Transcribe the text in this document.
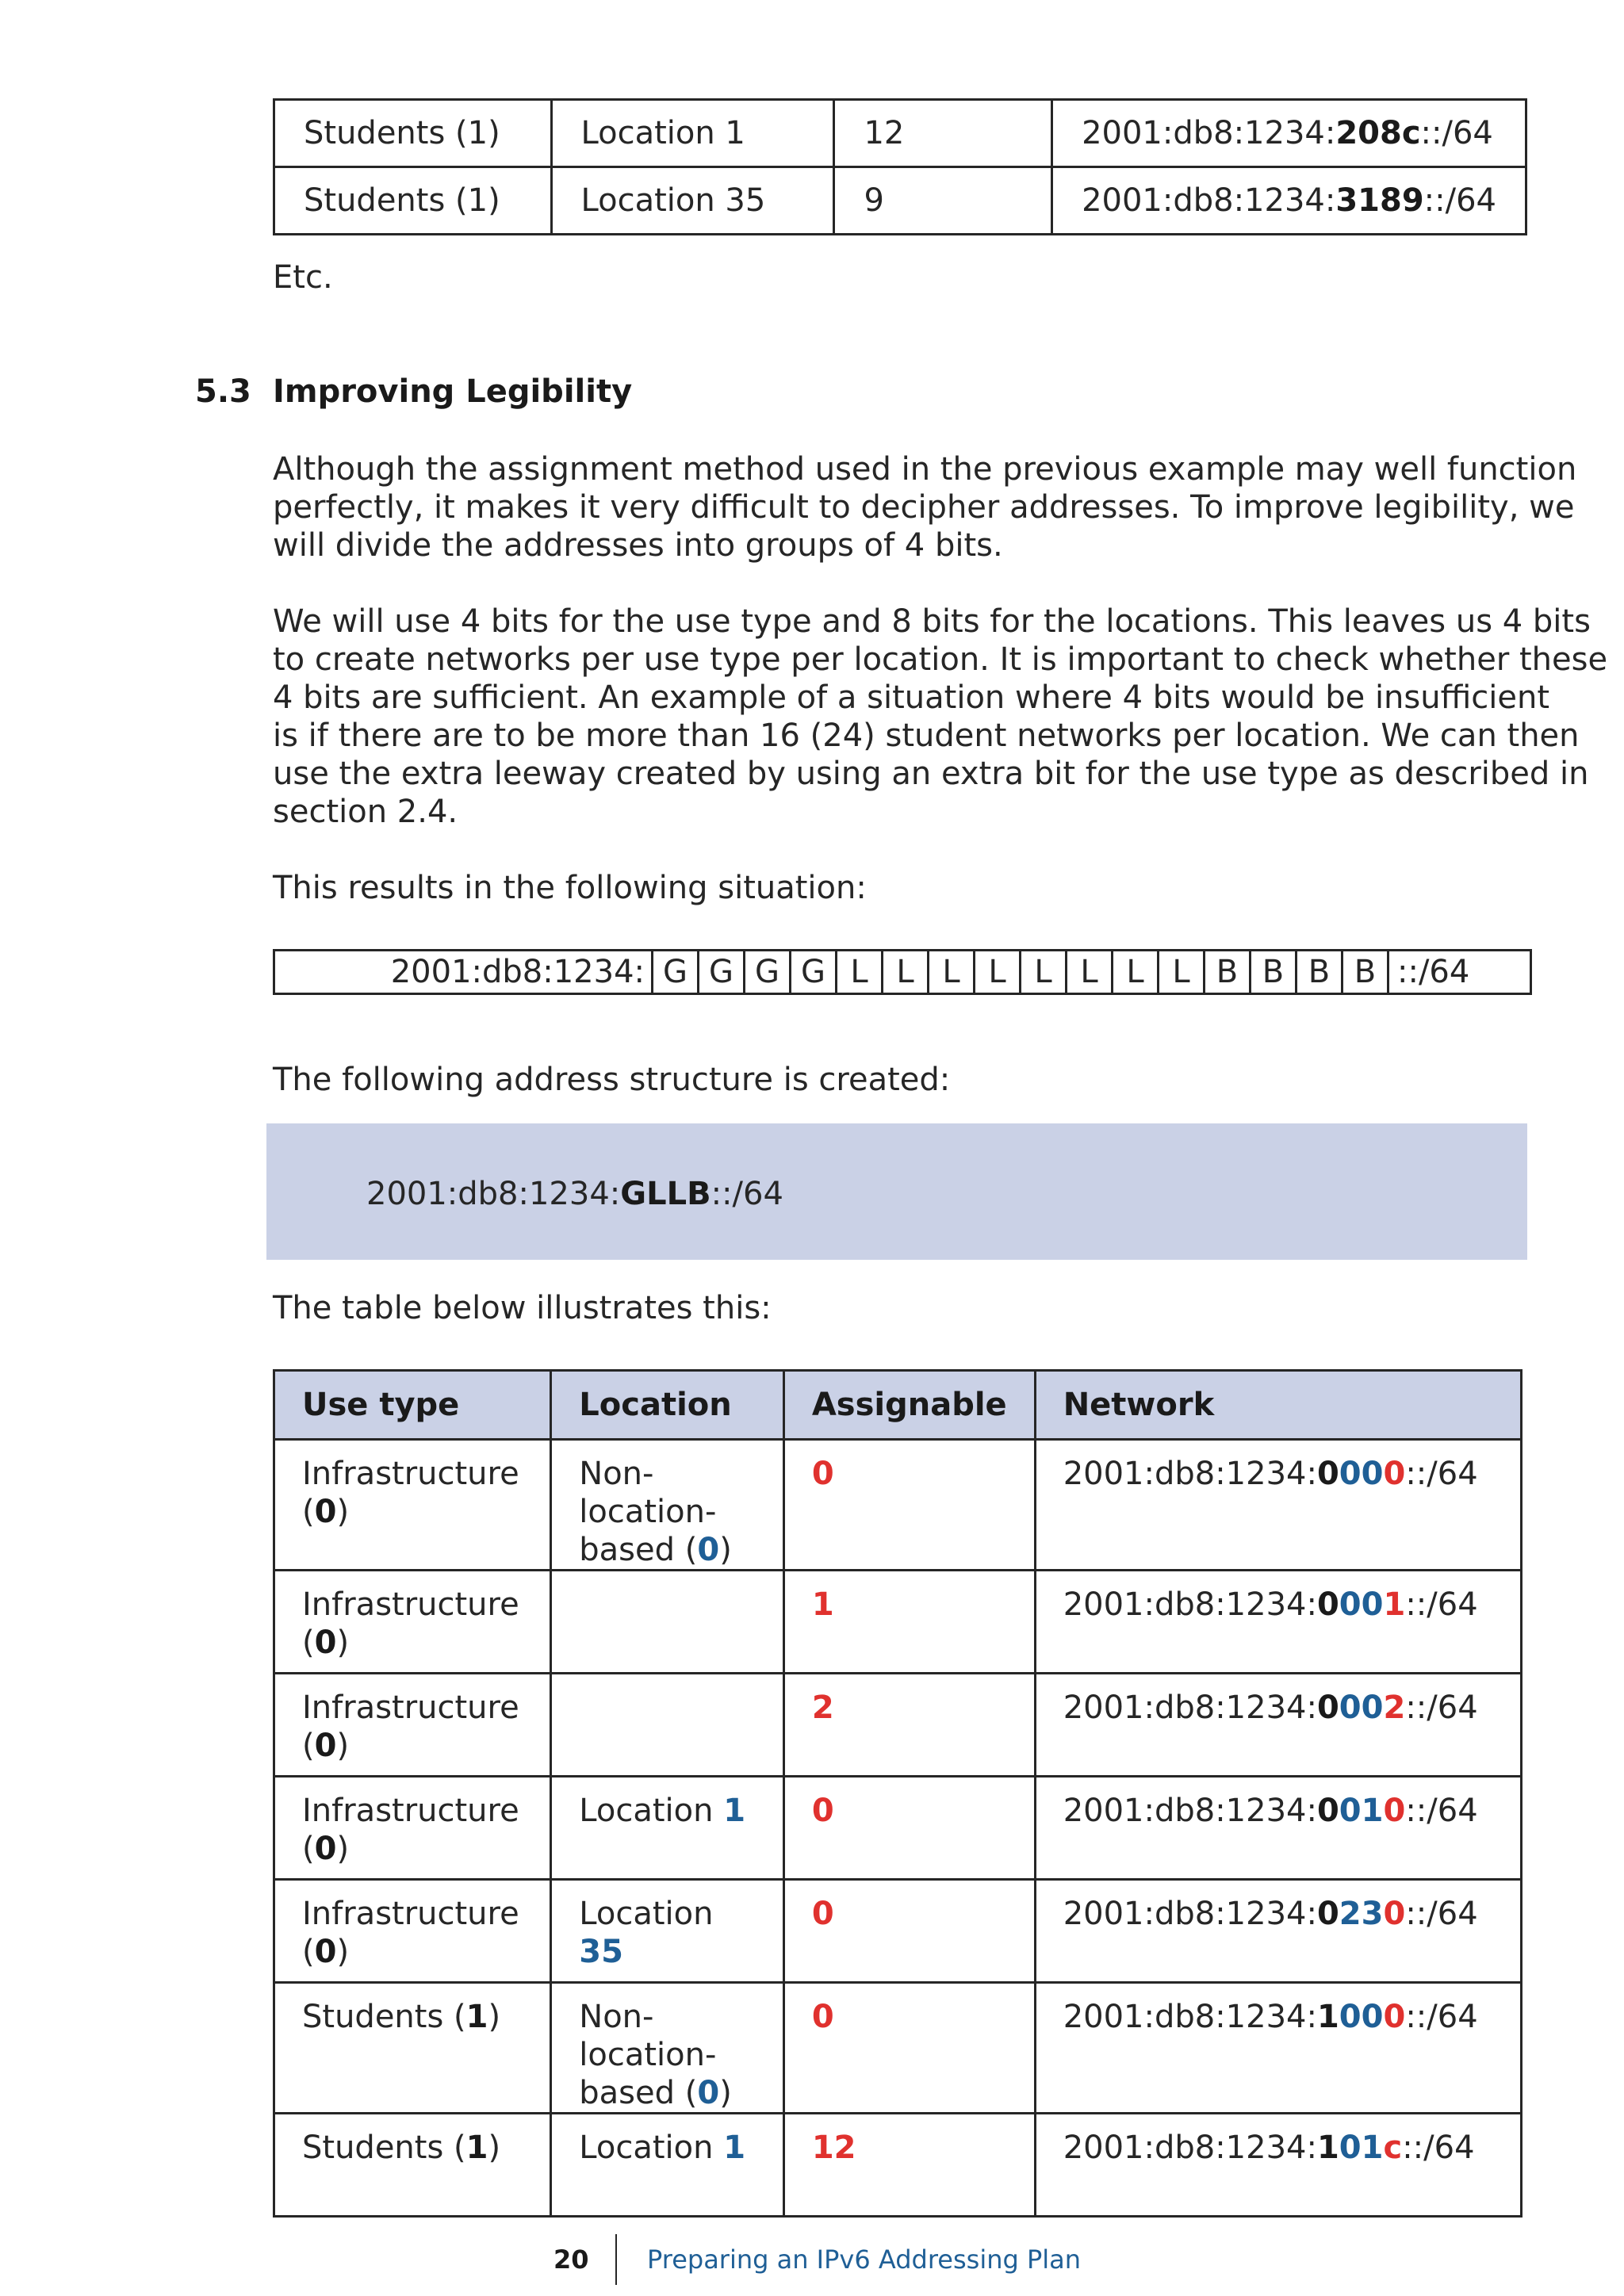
Students (1)	Location 1	12	2001:db8:1234:208c::/64
Students (1)	Location 35	9	2001:db8:1234:3189::/64
Etc.
5.3 Improving Legibility
Although the assignment method used in the previous example may well function
perfectly, it makes it very difficult to decipher addresses. To improve legibility, we
will divide the addresses into groups of 4 bits.
We will use 4 bits for the use type and 8 bits for the locations. This leaves us 4 bits
to create networks per use type per location. It is important to check whether these
4 bits are sufficient. An example of a situation where 4 bits would be insufficient
is if there are to be more than 16 (24) student networks per location. We can then
use the extra leeway created by using an extra bit for the use type as described in
section 2.4.
This results in the following situation:
2001:db8:1234:	G	G	G	G	L	L	L	L	L	L	L	L	B	B	B	B	::/64
The following address structure is created:
2001:db8:1234:GLLB::/64
The table below illustrates this:
Use type	Location	Assignable	Network
Infrastructure
(0)	Non-location-
based (0)	0	2001:db8:1234:0000::/64
Infrastructure
(0)		1	2001:db8:1234:0001::/64
Infrastructure
(0)		2	2001:db8:1234:0002::/64
Infrastructure
(0)	Location 1	0	2001:db8:1234:0010::/64
Infrastructure
(0)	Location 35	0	2001:db8:1234:0230::/64
Students (1)	Non-location-
based (0)	0	2001:db8:1234:1000::/64
Students (1)	Location 1	12	2001:db8:1234:101c::/64
20 Preparing an IPv6 Addressing Plan
